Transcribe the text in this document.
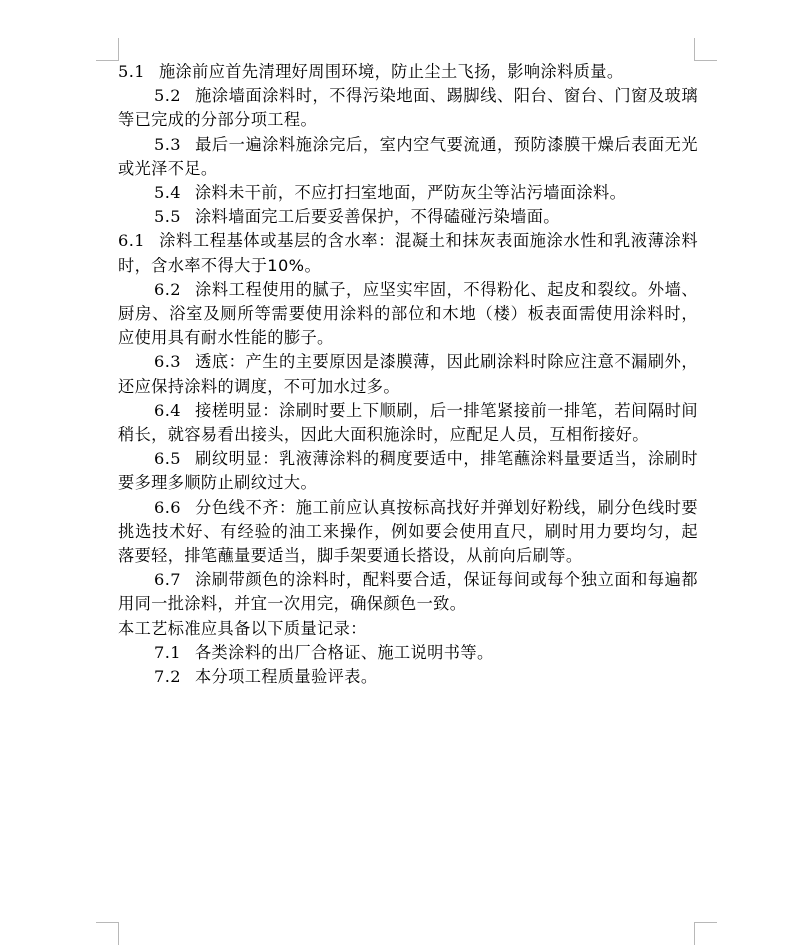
5.1 施涂前应首先清理好周围环境，防止尘土飞扬，影响涂料质量。

5.2 施涂墙面涂料时，不得污染地面、踢脚线、阳台、窗台、门窗及玻璃等已完成的分部分项工程。

5.3 最后一遍涂料施涂完后，室内空气要流通，预防漆膜干燥后表面无光或光泽不足。

5.4 涂料未干前，不应打扫室地面，严防灰尘等沾污墙面涂料。

5.5 涂料墙面完工后要妥善保护，不得磕碰污染墙面。

6.1 涂料工程基体或基层的含水率：混凝土和抹灰表面施涂水性和乳液薄涂料时，含水率不得大于10%。

6.2 涂料工程使用的腻子，应坚实牢固，不得粉化、起皮和裂纹。外墙、厨房、浴室及厕所等需要使用涂料的部位和木地（楼）板表面需使用涂料时，应使用具有耐水性能的膨子。

6.3 透底：产生的主要原因是漆膜薄，因此刷涂料时除应注意不漏刷外，还应保持涂料的调度，不可加水过多。

6.4 接槎明显：涂刷时要上下顺刷，后一排笔紧接前一排笔，若间隔时间稍长，就容易看出接头，因此大面积施涂时，应配足人员，互相衔接好。

6.5 刷纹明显：乳液薄涂料的稠度要适中，排笔蘸涂料量要适当，涂刷时要多理多顺防止刷纹过大。

6.6 分色线不齐：施工前应认真按标高找好并弹划好粉线，刷分色线时要挑选技术好、有经验的油工来操作，例如要会使用直尺，刷时用力要均匀，起落要轻，排笔蘸量要适当，脚手架要通长搭设，从前向后刷等。

6.7 涂刷带颜色的涂料时，配料要合适，保证每间或每个独立面和每遍都用同一批涂料，并宜一次用完，确保颜色一致。

本工艺标准应具备以下质量记录：

7.1 各类涂料的出厂合格证、施工说明书等。

7.2 本分项工程质量验评表。
